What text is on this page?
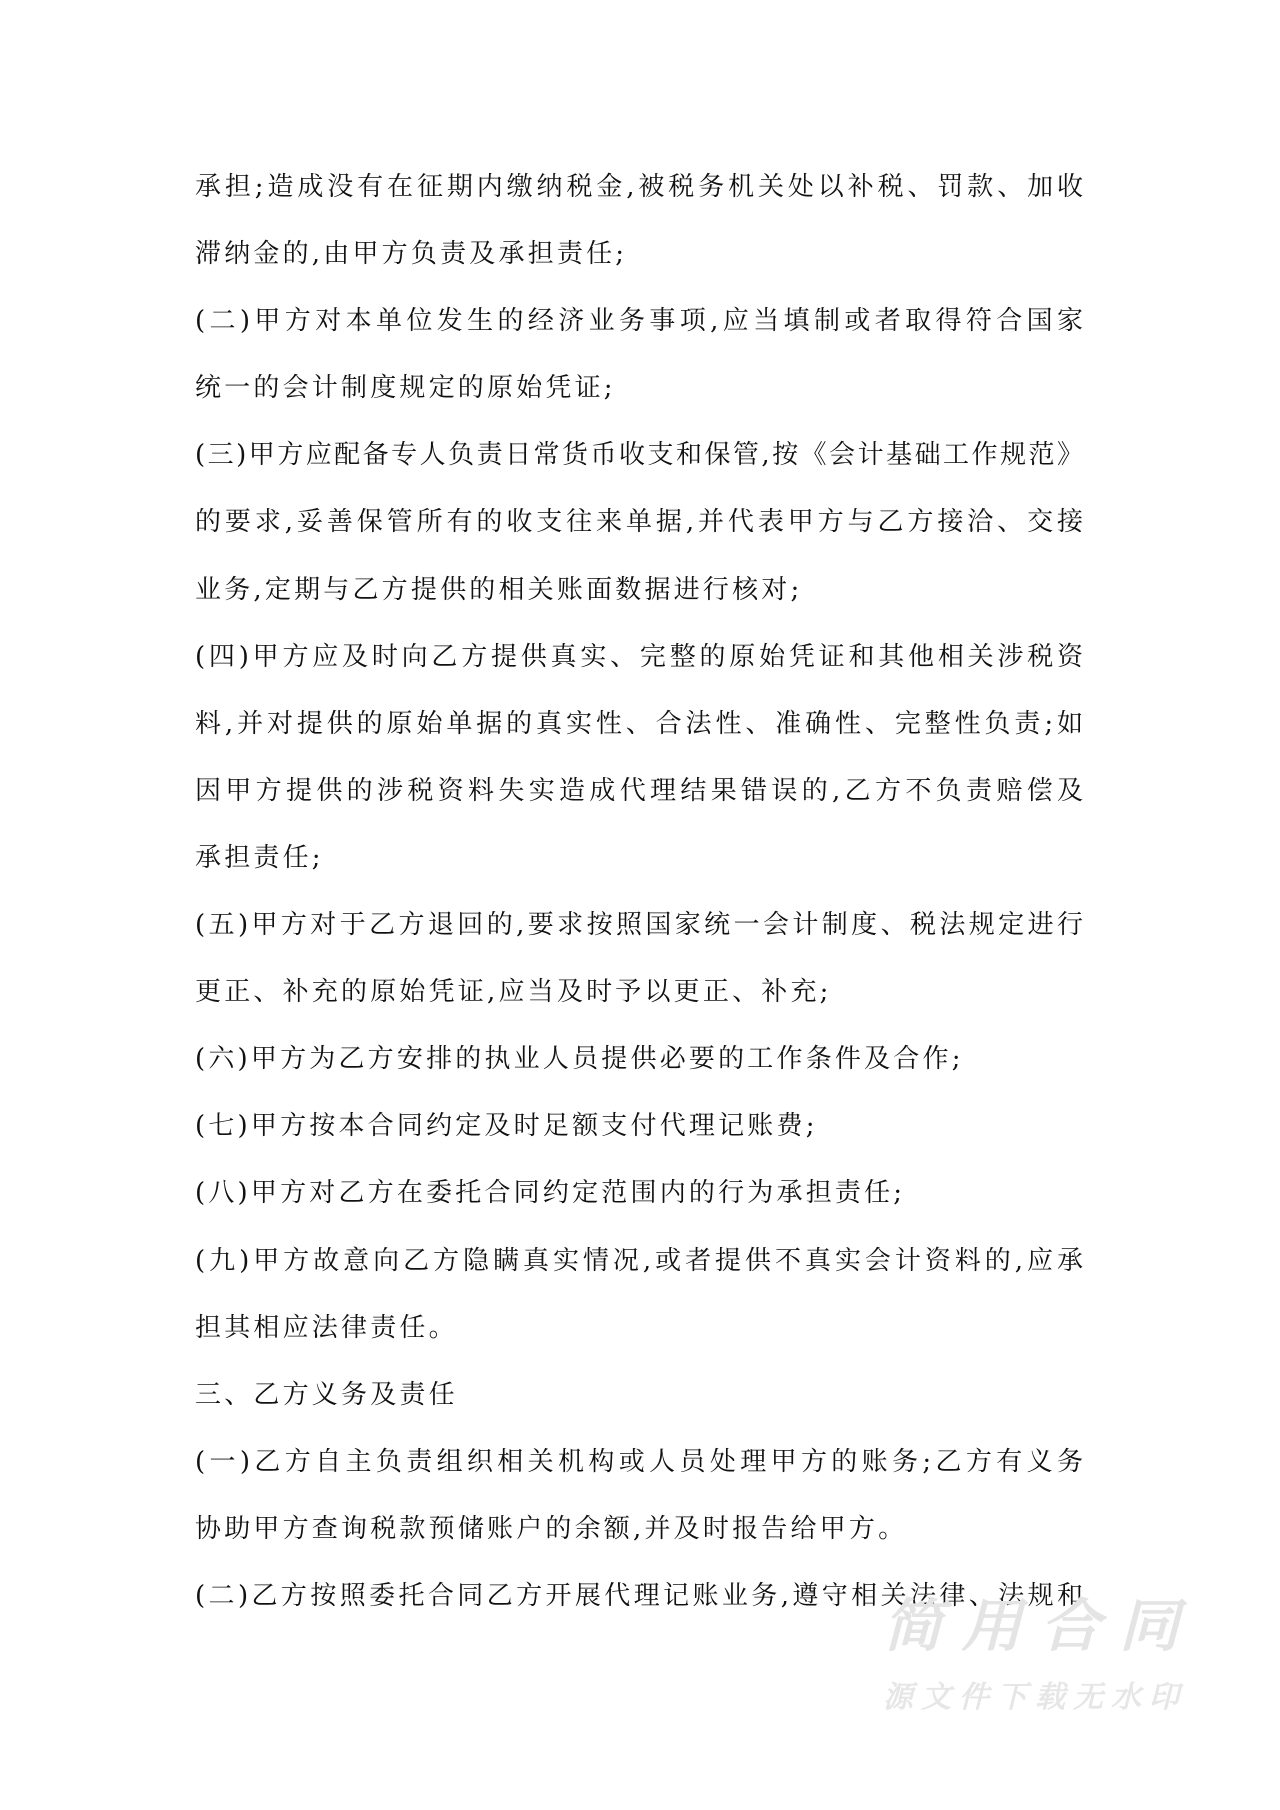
承担;造成没有在征期内缴纳税金,被税务机关处以补税、罚款、加收
滞纳金的,由甲方负责及承担责任;
(二)甲方对本单位发生的经济业务事项,应当填制或者取得符合国家
统一的会计制度规定的原始凭证;
(三)甲方应配备专人负责日常货币收支和保管,按《会计基础工作规范》
的要求,妥善保管所有的收支往来单据,并代表甲方与乙方接洽、交接
业务,定期与乙方提供的相关账面数据进行核对;
(四)甲方应及时向乙方提供真实、完整的原始凭证和其他相关涉税资
料,并对提供的原始单据的真实性、合法性、准确性、完整性负责;如
因甲方提供的涉税资料失实造成代理结果错误的,乙方不负责赔偿及
承担责任;
(五)甲方对于乙方退回的,要求按照国家统一会计制度、税法规定进行
更正、补充的原始凭证,应当及时予以更正、补充;
(六)甲方为乙方安排的执业人员提供必要的工作条件及合作;
(七)甲方按本合同约定及时足额支付代理记账费;
(八)甲方对乙方在委托合同约定范围内的行为承担责任;
(九)甲方故意向乙方隐瞒真实情况,或者提供不真实会计资料的,应承
担其相应法律责任。
三、乙方义务及责任
(一)乙方自主负责组织相关机构或人员处理甲方的账务;乙方有义务
协助甲方查询税款预储账户的余额,并及时报告给甲方。
(二)乙方按照委托合同乙方开展代理记账业务,遵守相关法律、法规和
简用合同
源文件下载无水印
